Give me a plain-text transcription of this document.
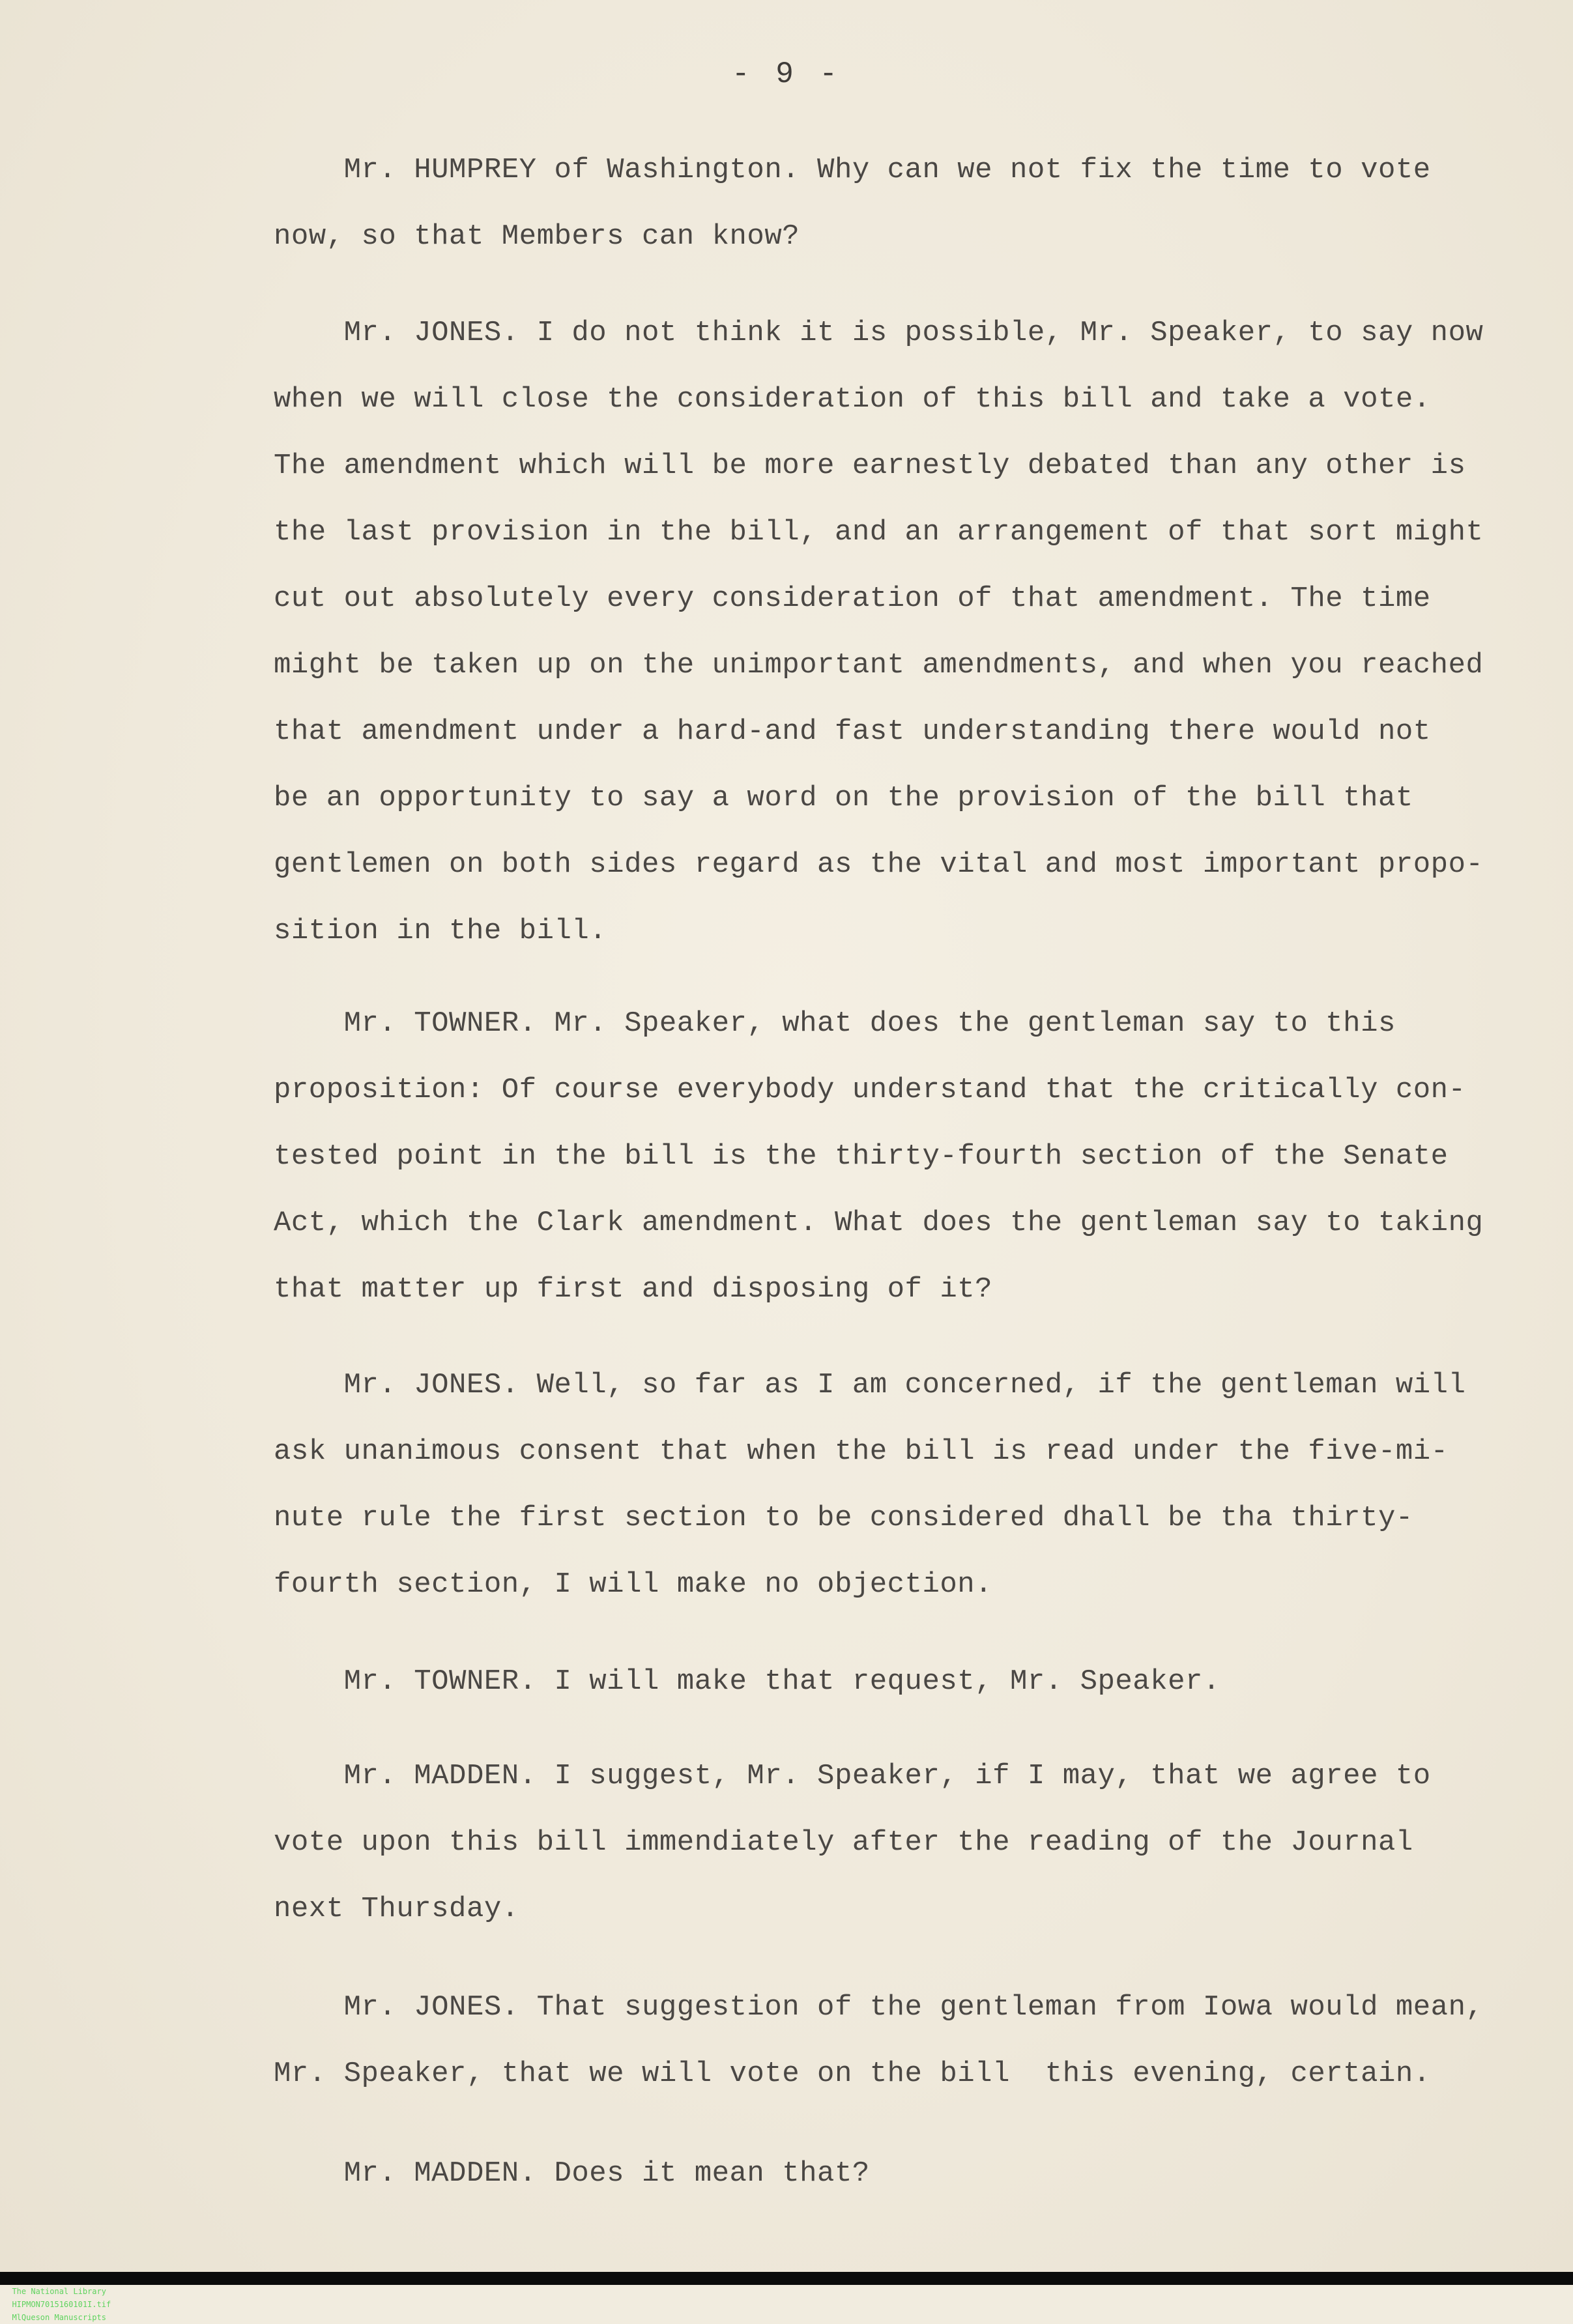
- 9 -
Mr. HUMPREY of Washington. Why can we not fix the time to vote
now, so that Members can know?
Mr. JONES. I do not think it is possible, Mr. Speaker, to say now
when we will close the consideration of this bill and take a vote.
The amendment which will be more earnestly debated than any other is
the last provision in the bill, and an arrangement of that sort might
cut out absolutely every consideration of that amendment. The time
might be taken up on the unimportant amendments, and when you reached
that amendment under a hard-and fast understanding there would not
be an opportunity to say a word on the provision of the bill that
gentlemen on both sides regard as the vital and most important propo-
sition in the bill.
Mr. TOWNER. Mr. Speaker, what does the gentleman say to this
proposition: Of course everybody understand that the critically con-
tested point in the bill is the thirty-fourth section of the Senate
Act, which the Clark amendment. What does the gentleman say to taking
that matter up first and disposing of it?
Mr. JONES. Well, so far as I am concerned, if the gentleman will
ask unanimous consent that when the bill is read under the five-mi-
nute rule the first section to be considered dhall be tha thirty-
fourth section, I will make no objection.
Mr. TOWNER. I will make that request, Mr. Speaker.
Mr. MADDEN. I suggest, Mr. Speaker, if I may, that we agree to
vote upon this bill immendiately after the reading of the Journal
next Thursday.
Mr. JONES. That suggestion of the gentleman from Iowa would mean,
Mr. Speaker, that we will vote on the bill  this evening, certain.
Mr. MADDEN. Does it mean that?

The National Library
HIPMON7015160101I.tif
MlQueson Manuscripts
